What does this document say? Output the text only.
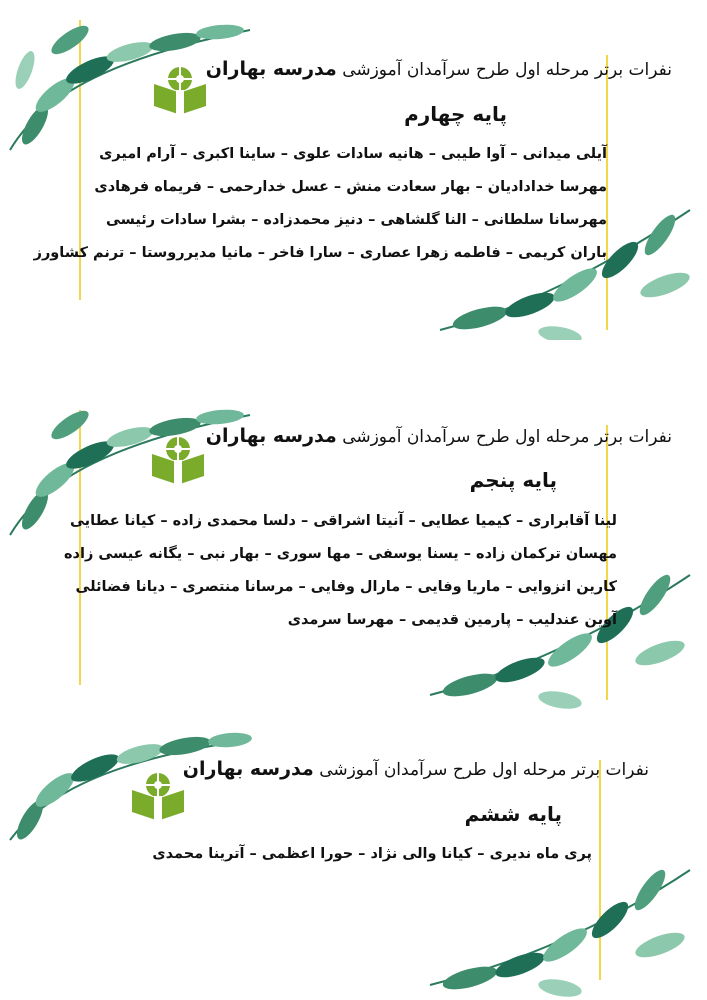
نفرات برتر مرحله اول طرح سرآمدان آموزشی مدرسه بهاران
پایه چهارم
آیلی میدانی – آوا طیبی – هانیه سادات علوی – ساینا اکبری – آرام امیری
مهرسا خدادادیان – بهار سعادت منش – عسل خدارحمی – فریماه فرهادی
مهرسانا سلطانی – النا گلشاهی – دنیز محمدزاده – بشرا سادات رئیسی
باران کریمی – فاطمه زهرا عصاری – سارا فاخر – مانیا مدیرروستا – ترنم کشاورز
نفرات برتر مرحله اول طرح سرآمدان آموزشی مدرسه بهاران
پایه پنجم
لینا آقابراری – کیمیا عطایی – آنیتا اشراقی – دلسا محمدی زاده – کیانا عطایی
مهسان ترکمان زاده – یسنا یوسفی – مها سوری – بهار نبی – یگانه عیسی زاده
کارین انزوایی – ماریا وفایی – مارال وفایی – مرسانا منتصری – دیانا فضائلی
آوین عندلیب – پارمین قدیمی – مهرسا سرمدی
نفرات برتر مرحله اول طرح سرآمدان آموزشی مدرسه بهاران
پایه ششم
پری ماه ندیری – کیانا والی نژاد – حورا اعظمی – آترینا محمدی
